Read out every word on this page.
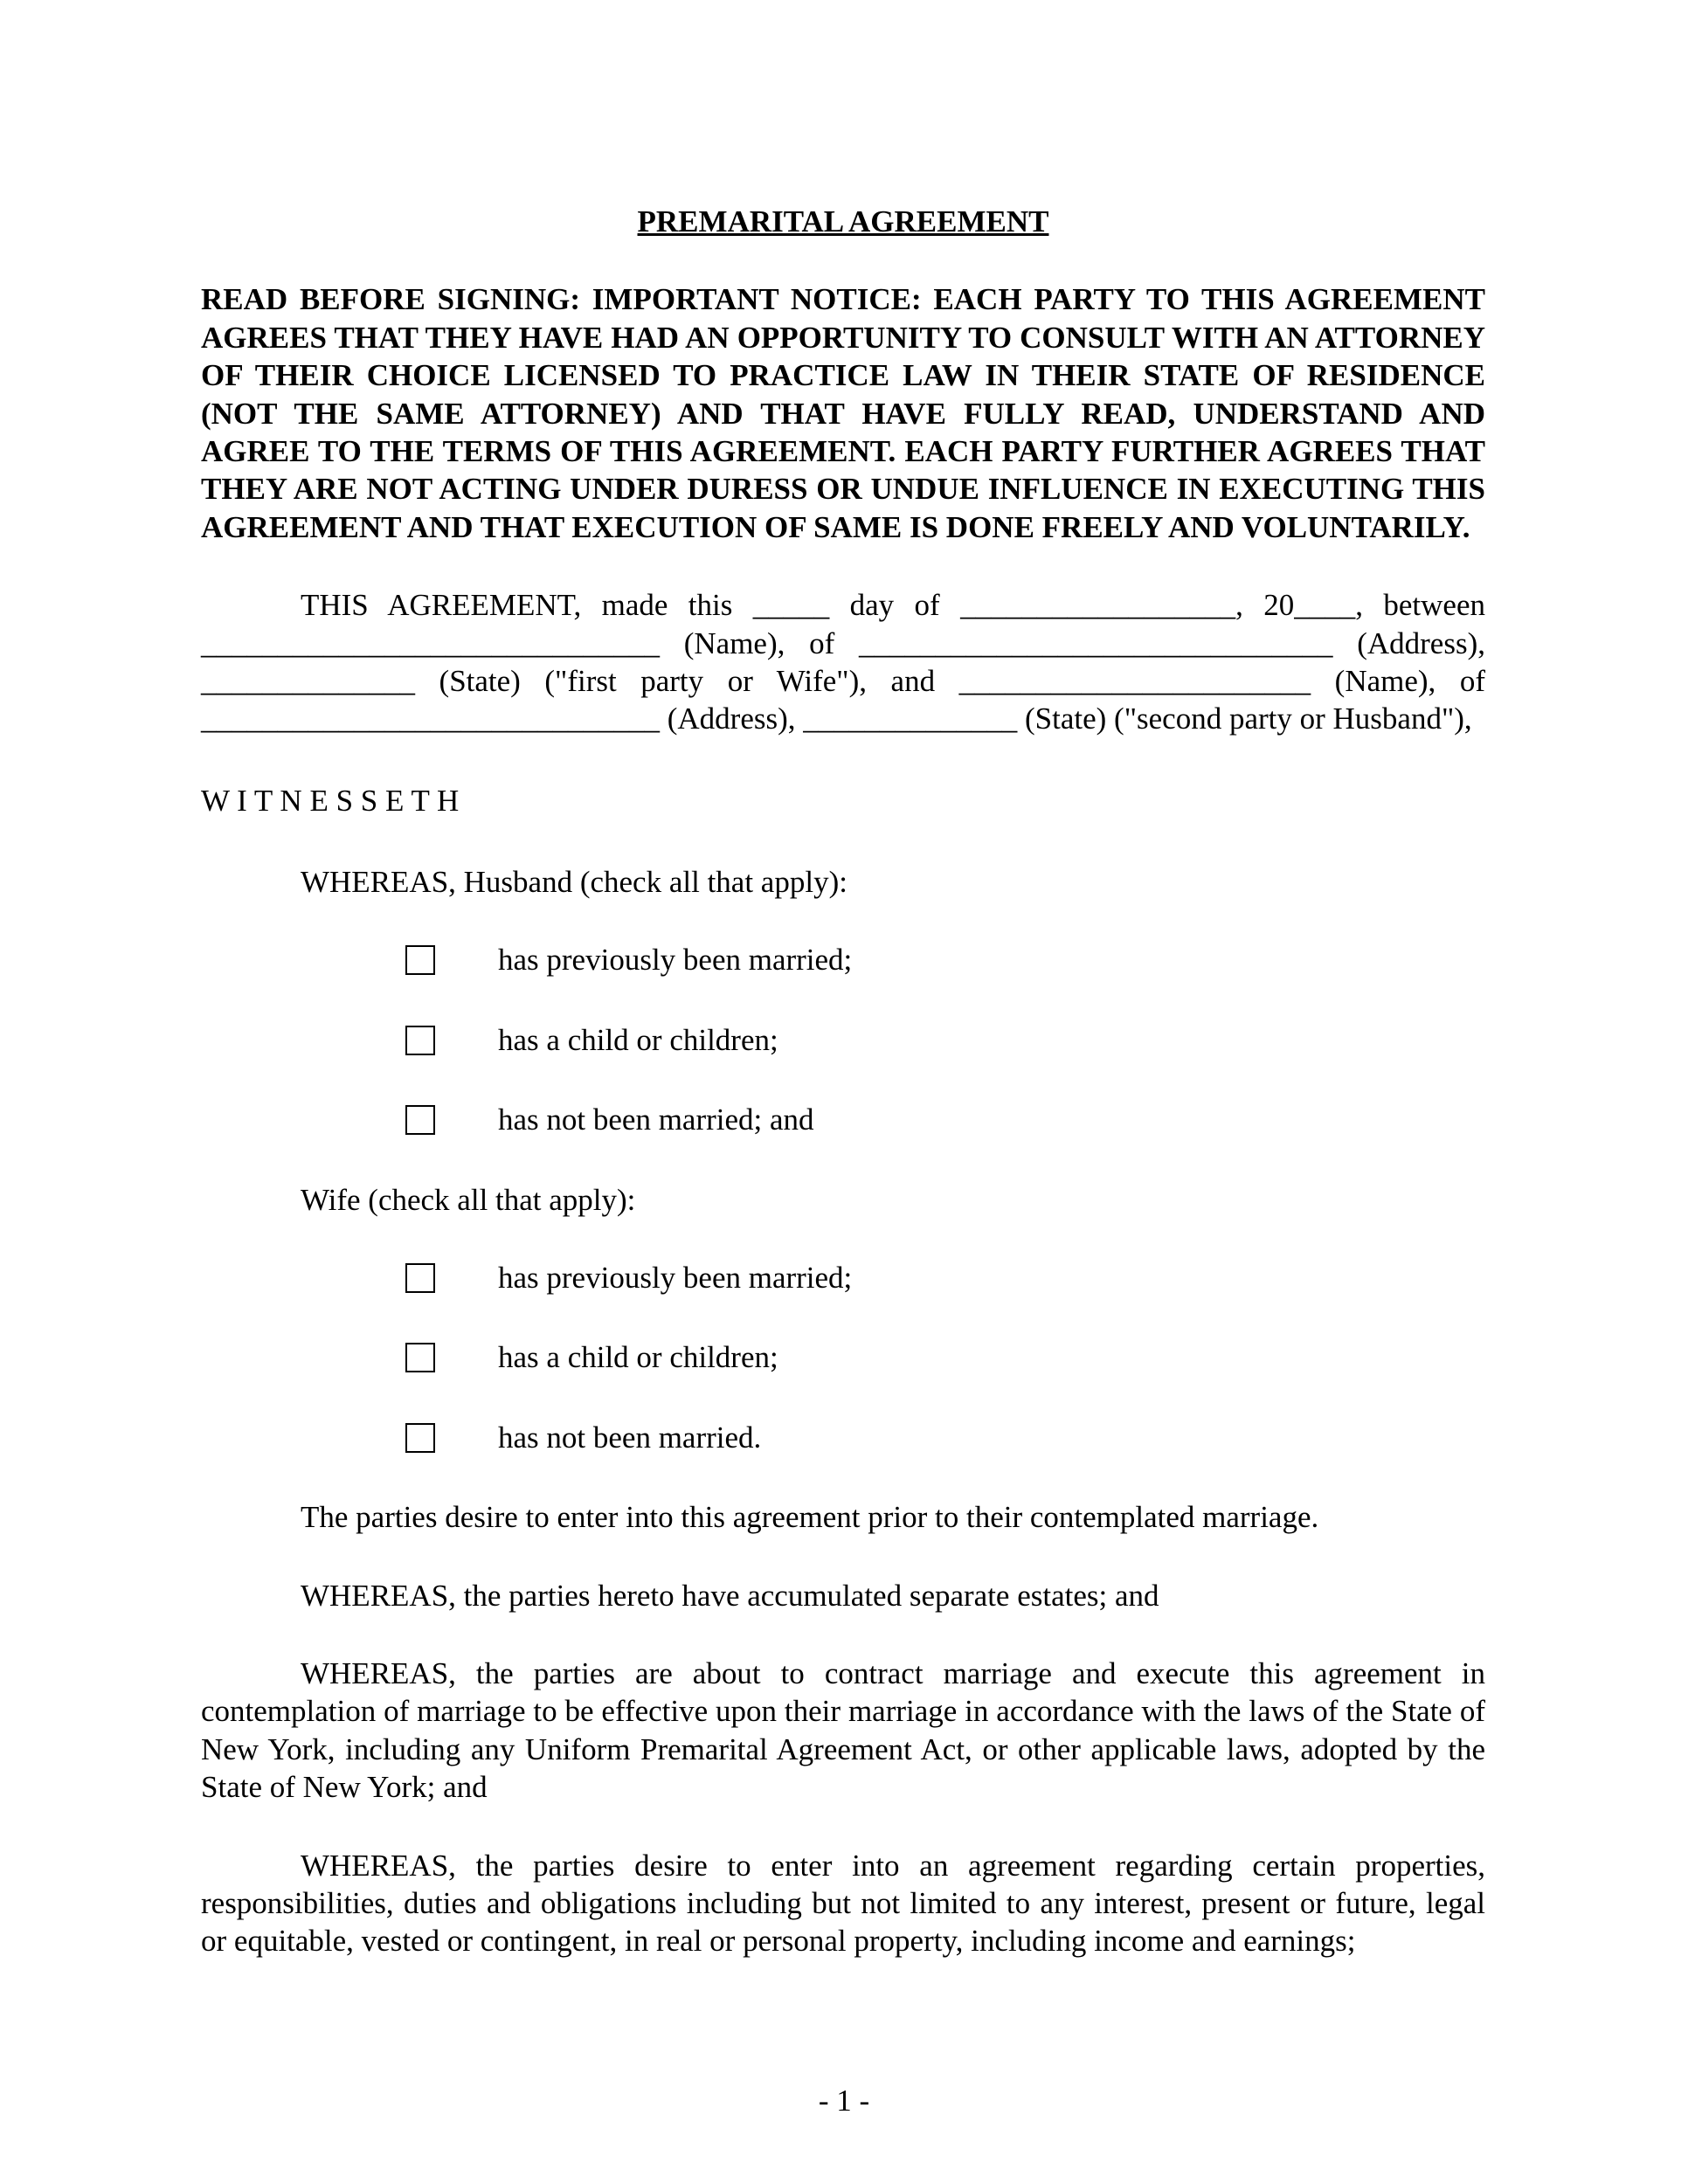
PREMARITAL AGREEMENT

READ BEFORE SIGNING: IMPORTANT NOTICE: EACH PARTY TO THIS AGREEMENT AGREES THAT THEY HAVE HAD AN OPPORTUNITY TO CONSULT WITH AN ATTORNEY OF THEIR CHOICE LICENSED TO PRACTICE LAW IN THEIR STATE OF RESIDENCE (NOT THE SAME ATTORNEY) AND THAT HAVE FULLY READ, UNDERSTAND AND AGREE TO THE TERMS OF THIS AGREEMENT. EACH PARTY FURTHER AGREES THAT THEY ARE NOT ACTING UNDER DURESS OR UNDUE INFLUENCE IN EXECUTING THIS AGREEMENT AND THAT EXECUTION OF SAME IS DONE FREELY AND VOLUNTARILY.

THIS AGREEMENT, made this _____ day of __________________, 20____, between ______________________________ (Name), of _______________________________ (Address), ______________ (State) ("first party or Wife"), and _______________________ (Name), of ______________________________ (Address), ______________ (State) ("second party or Husband"),

W I T N E S S E T H

WHEREAS, Husband (check all that apply):

has previously been married;
has a child or children;
has not been married; and

Wife (check all that apply):

has previously been married;
has a child or children;
has not been married.

The parties desire to enter into this agreement prior to their contemplated marriage.

WHEREAS, the parties hereto have accumulated separate estates; and

WHEREAS, the parties are about to contract marriage and execute this agreement in contemplation of marriage to be effective upon their marriage in accordance with the laws of the State of New York, including any Uniform Premarital Agreement Act, or other applicable laws, adopted by the State of New York; and

WHEREAS, the parties desire to enter into an agreement regarding certain properties, responsibilities, duties and obligations including but not limited to any interest, present or future, legal or equitable, vested or contingent, in real or personal property, including income and earnings;

- 1 -
